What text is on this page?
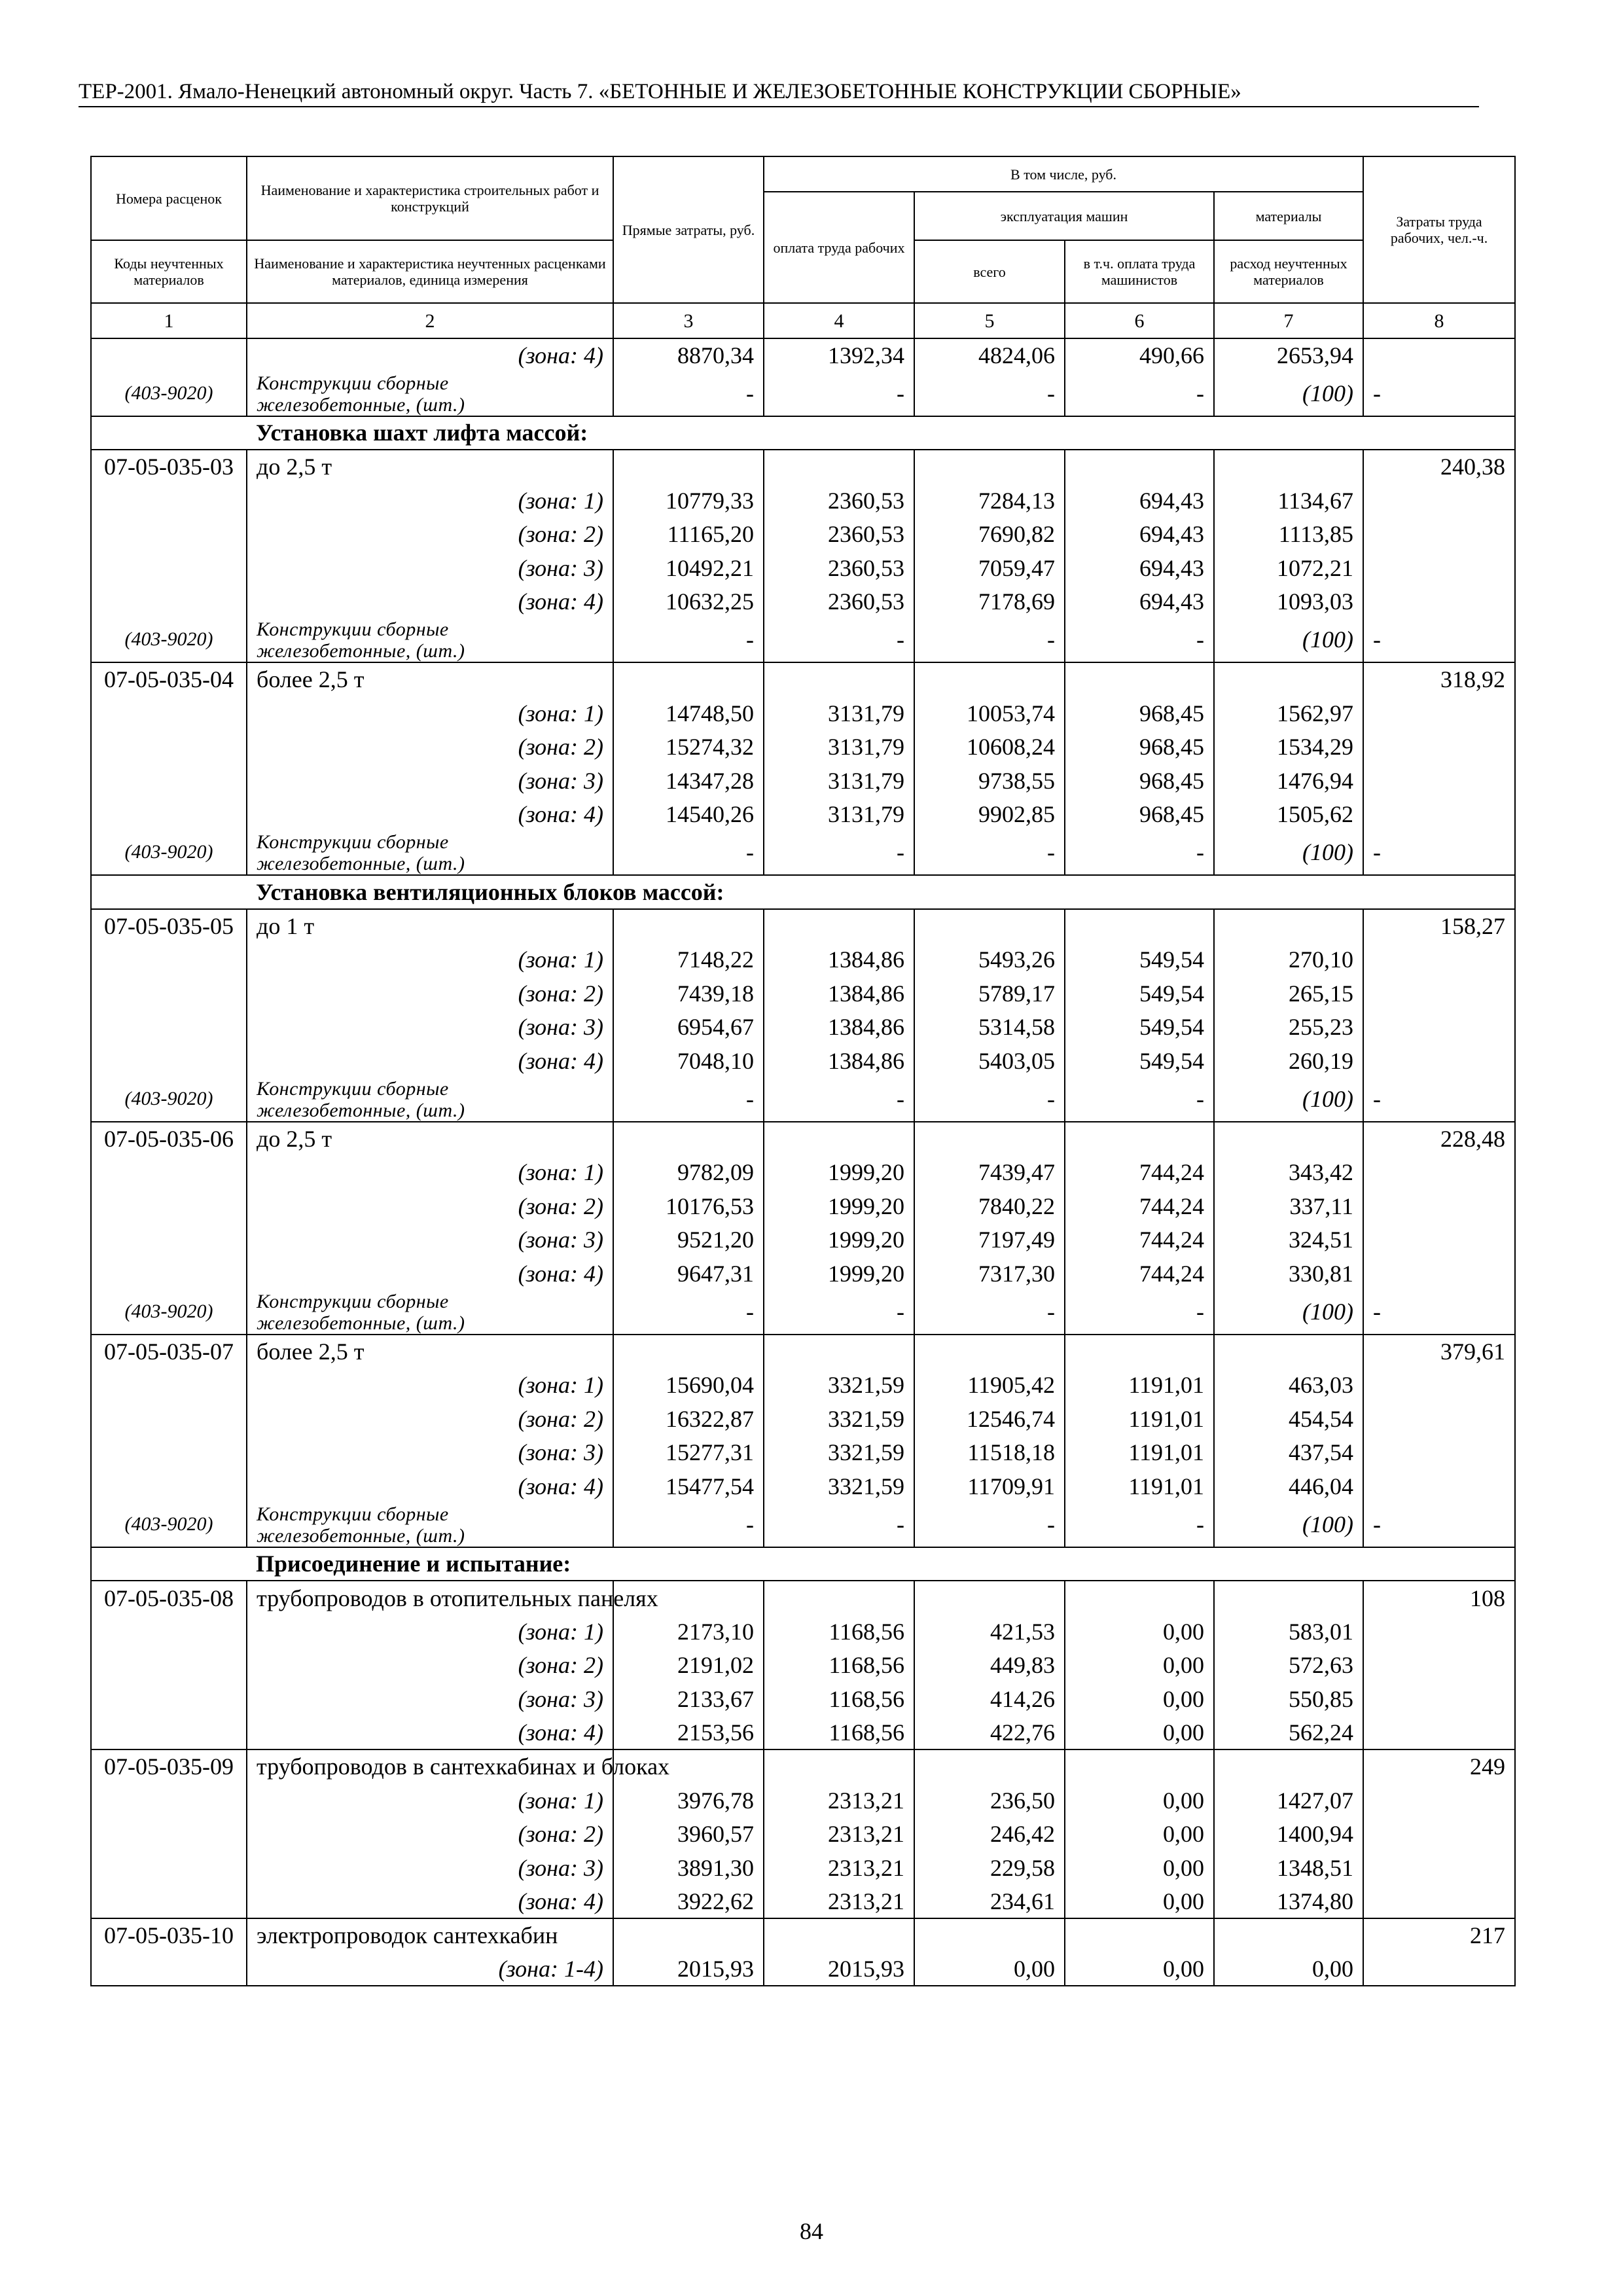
ТЕР-2001. Ямало-Ненецкий автономный округ. Часть 7. «БЕТОННЫЕ И ЖЕЛЕЗОБЕТОННЫЕ КОНСТРУКЦИИ СБОРНЫЕ»
Номера расценок	Наименование и характеристика строительных работ и конструкций	Прямые затраты, руб.	В том числе, руб.				Затраты труда рабочих, чел.-ч.
			оплата труда рабочих	эксплуатация машин		материалы	
Коды неучтенных материалов	Наименование и характеристика неучтенных расценками материалов, единица измерения			всего	в т.ч. оплата труда машинистов	расход неучтенных материалов	
1	2	3	4	5	6	7	8
	(зона: 4)	8870,34	1392,34	4824,06	490,66	2653,94	
(403-9020)	Конструкции сборные железобетонные, (шт.)	-	-	-	-	(100)	-
	Установка шахт лифта массой:						
07-05-035-03	до 2,5 т						240,38
	(зона: 1)	10779,33	2360,53	7284,13	694,43	1134,67	
	(зона: 2)	11165,20	2360,53	7690,82	694,43	1113,85	
	(зона: 3)	10492,21	2360,53	7059,47	694,43	1072,21	
	(зона: 4)	10632,25	2360,53	7178,69	694,43	1093,03	
(403-9020)	Конструкции сборные железобетонные, (шт.)	-	-	-	-	(100)	-
07-05-035-04	более 2,5 т						318,92
	(зона: 1)	14748,50	3131,79	10053,74	968,45	1562,97	
	(зона: 2)	15274,32	3131,79	10608,24	968,45	1534,29	
	(зона: 3)	14347,28	3131,79	9738,55	968,45	1476,94	
	(зона: 4)	14540,26	3131,79	9902,85	968,45	1505,62	
(403-9020)	Конструкции сборные железобетонные, (шт.)	-	-	-	-	(100)	-
	Установка вентиляционных блоков массой:						
07-05-035-05	до 1 т						158,27
	(зона: 1)	7148,22	1384,86	5493,26	549,54	270,10	
	(зона: 2)	7439,18	1384,86	5789,17	549,54	265,15	
	(зона: 3)	6954,67	1384,86	5314,58	549,54	255,23	
	(зона: 4)	7048,10	1384,86	5403,05	549,54	260,19	
(403-9020)	Конструкции сборные железобетонные, (шт.)	-	-	-	-	(100)	-
07-05-035-06	до 2,5 т						228,48
	(зона: 1)	9782,09	1999,20	7439,47	744,24	343,42	
	(зона: 2)	10176,53	1999,20	7840,22	744,24	337,11	
	(зона: 3)	9521,20	1999,20	7197,49	744,24	324,51	
	(зона: 4)	9647,31	1999,20	7317,30	744,24	330,81	
(403-9020)	Конструкции сборные железобетонные, (шт.)	-	-	-	-	(100)	-
07-05-035-07	более 2,5 т						379,61
	(зона: 1)	15690,04	3321,59	11905,42	1191,01	463,03	
	(зона: 2)	16322,87	3321,59	12546,74	1191,01	454,54	
	(зона: 3)	15277,31	3321,59	11518,18	1191,01	437,54	
	(зона: 4)	15477,54	3321,59	11709,91	1191,01	446,04	
(403-9020)	Конструкции сборные железобетонные, (шт.)	-	-	-	-	(100)	-
	Присоединение и испытание:						
07-05-035-08	трубопроводов в отопительных панелях						108
	(зона: 1)	2173,10	1168,56	421,53	0,00	583,01	
	(зона: 2)	2191,02	1168,56	449,83	0,00	572,63	
	(зона: 3)	2133,67	1168,56	414,26	0,00	550,85	
	(зона: 4)	2153,56	1168,56	422,76	0,00	562,24	
07-05-035-09	трубопроводов в сантехкабинах и блоках						249
	(зона: 1)	3976,78	2313,21	236,50	0,00	1427,07	
	(зона: 2)	3960,57	2313,21	246,42	0,00	1400,94	
	(зона: 3)	3891,30	2313,21	229,58	0,00	1348,51	
	(зона: 4)	3922,62	2313,21	234,61	0,00	1374,80	
07-05-035-10	электропроводок сантехкабин						217
	(зона: 1-4)	2015,93	2015,93	0,00	0,00	0,00	
84
